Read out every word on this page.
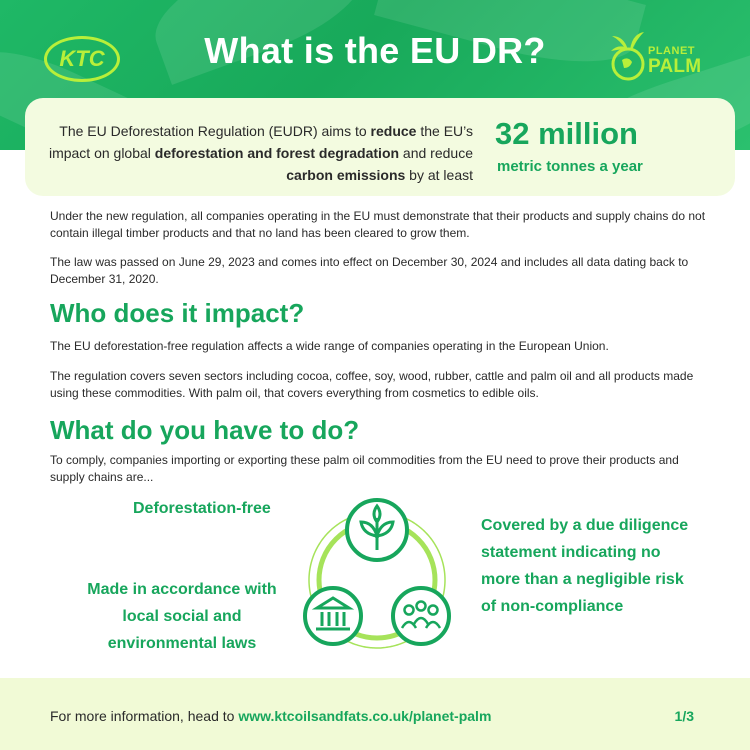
KTC	What is the EU DR?	PLANET
PALM

The EU Deforestation Regulation (EUDR) aims to reduce the EU’s impact on global deforestation and forest degradation and reduce carbon emissions by at least

32 million
metric tonnes a year

Under the new regulation, all companies operating in the EU must demonstrate that their products and supply chains do not contain illegal timber products and that no land has been cleared to grow them.

The law was passed on June 29, 2023 and comes into effect on December 30, 2024 and includes all data dating back to December 31, 2020.

Who does it impact?

The EU deforestation-free regulation affects a wide range of companies operating in the European Union.

The regulation covers seven sectors including cocoa, coffee, soy, wood, rubber, cattle and palm oil and all products made using these commodities. With palm oil, that covers everything from cosmetics to edible oils.

What do you have to do?

To comply, companies importing or exporting these palm oil commodities from the EU need to prove their products and supply chains are...

Deforestation-free
Made in accordance with local social and environmental laws
Covered by a due diligence statement indicating no more than a negligible risk of non-compliance

For more information, head to www.ktcoilsandfats.co.uk/planet-palm	1/3
